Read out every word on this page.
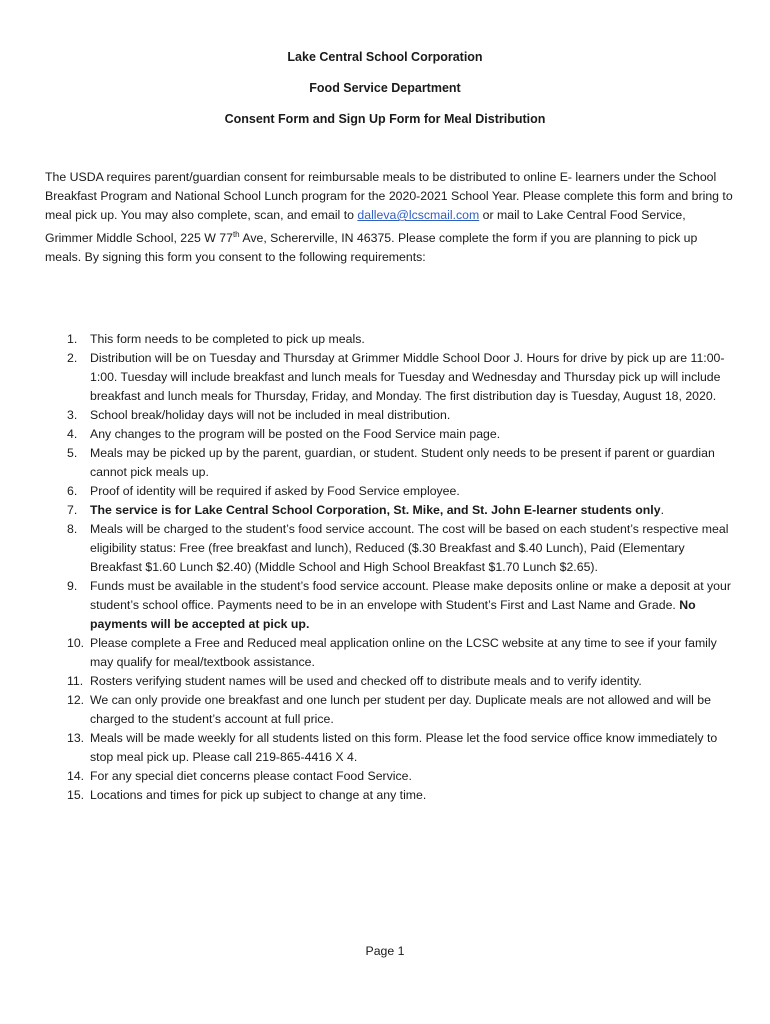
Lake Central School Corporation

Food Service Department

Consent Form and Sign Up Form for Meal Distribution

The USDA requires parent/guardian consent for reimbursable meals to be distributed to online E- learners under the School Breakfast Program and National School Lunch program for the 2020-2021 School Year. Please complete this form and bring to meal pick up. You may also complete, scan, and email to dalleva@lcscmail.com or mail to Lake Central Food Service, Grimmer Middle School, 225 W 77th Ave, Schererville, IN 46375. Please complete the form if you are planning to pick up meals. By signing this form you consent to the following requirements:

1.	This form needs to be completed to pick up meals.
2.	Distribution will be on Tuesday and Thursday at Grimmer Middle School Door J. Hours for drive by pick up are 11:00-1:00. Tuesday will include breakfast and lunch meals for Tuesday and Wednesday and Thursday pick up will include breakfast and lunch meals for Thursday, Friday, and Monday. The first distribution day is Tuesday, August 18, 2020.
3.	School break/holiday days will not be included in meal distribution.
4.	Any changes to the program will be posted on the Food Service main page.
5.	Meals may be picked up by the parent, guardian, or student. Student only needs to be present if parent or guardian cannot pick meals up.
6.	Proof of identity will be required if asked by Food Service employee.
7.	The service is for Lake Central School Corporation, St. Mike, and St. John E-learner students only.
8.	Meals will be charged to the student’s food service account. The cost will be based on each student’s respective meal eligibility status: Free (free breakfast and lunch), Reduced ($.30 Breakfast and $.40 Lunch), Paid (Elementary Breakfast $1.60 Lunch $2.40) (Middle School and High School Breakfast $1.70 Lunch $2.65).
9.	Funds must be available in the student’s food service account. Please make deposits online or make a deposit at your student’s school office. Payments need to be in an envelope with Student’s First and Last Name and Grade. No payments will be accepted at pick up.
10. Please complete a Free and Reduced meal application online on the LCSC website at any time to see if your family may qualify for meal/textbook assistance.
11. Rosters verifying student names will be used and checked off to distribute meals and to verify identity.
12. We can only provide one breakfast and one lunch per student per day. Duplicate meals are not allowed and will be charged to the student’s account at full price.
13. Meals will be made weekly for all students listed on this form. Please let the food service office know immediately to stop meal pick up. Please call 219-865-4416 X 4.
14. For any special diet concerns please contact Food Service.
15. Locations and times for pick up subject to change at any time.

Page 1
